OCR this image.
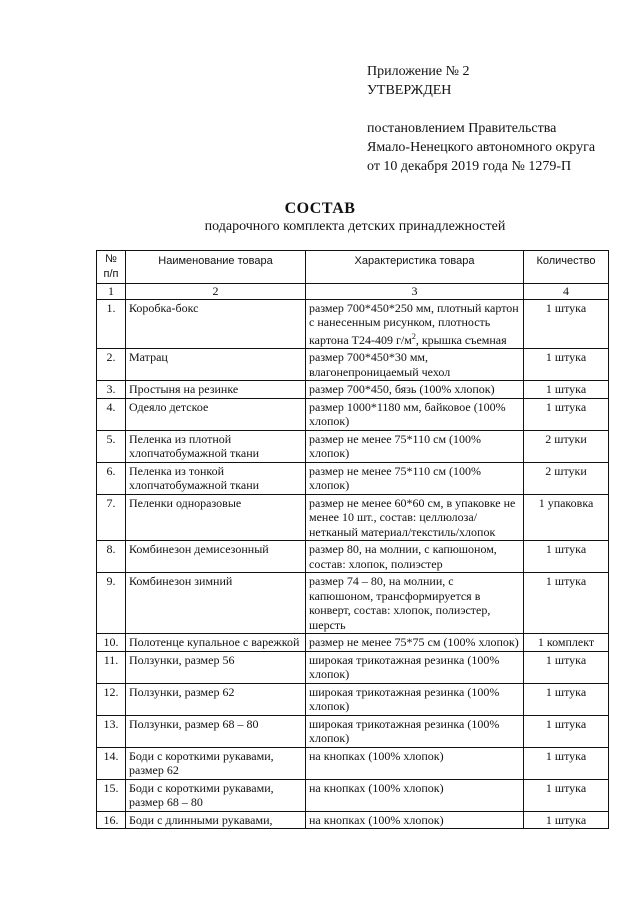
Приложение № 2
УТВЕРЖДЕН
постановлением Правительства
Ямало-Ненецкого автономного округа
от 10 декабря 2019 года № 1279-П
СОСТАВ
подарочного комплекта детских принадлежностей
№
п/п	Наименование товара	Характеристика товара	Количество
1	2	3	4
1.	Коробка-бокс	размер 700*450*250 мм, плотный картон с нанесенным рисунком, плотность картона Т24-409 $г/м^2$, крышка съемная	1 штука
2.	Матрац	размер 700*450*30 мм, влагонепроницаемый чехол	1 штука
3.	Простыня на резинке	размер 700*450, бязь (100% хлопок)	1 штука
4.	Одеяло детское	размер 1000*1180 мм, байковое (100% хлопок)	1 штука
5.	Пеленка из плотной хлопчатобумажной ткани	размер не менее 75*110 см (100% хлопок)	2 штуки
6.	Пеленка из тонкой хлопчатобумажной ткани	размер не менее 75*110 см (100% хлопок)	2 штуки
7.	Пеленки одноразовые	размер не менее 60*60 см, в упаковке не менее 10 шт., состав: целлюлоза/нетканый материал/текстиль/хлопок	1 упаковка
8.	Комбинезон демисезонный	размер 80, на молнии, с капюшоном, состав: хлопок, полиэстер	1 штука
9.	Комбинезон зимний	размер 74 – 80, на молнии, с капюшоном, трансформируется в конверт, состав: хлопок, полиэстер, шерсть	1 штука
10.	Полотенце купальное с варежкой	размер не менее 75*75 см (100% хлопок)	1 комплект
11.	Ползунки, размер 56	широкая трикотажная резинка (100% хлопок)	1 штука
12.	Ползунки, размер 62	широкая трикотажная резинка (100% хлопок)	1 штука
13.	Ползунки, размер 68 – 80	широкая трикотажная резинка (100% хлопок)	1 штука
14.	Боди с короткими рукавами, размер 62	на кнопках (100% хлопок)	1 штука
15.	Боди с короткими рукавами, размер 68 – 80	на кнопках (100% хлопок)	1 штука
16.	Боди с длинными рукавами,	на кнопках (100% хлопок)	1 штука
